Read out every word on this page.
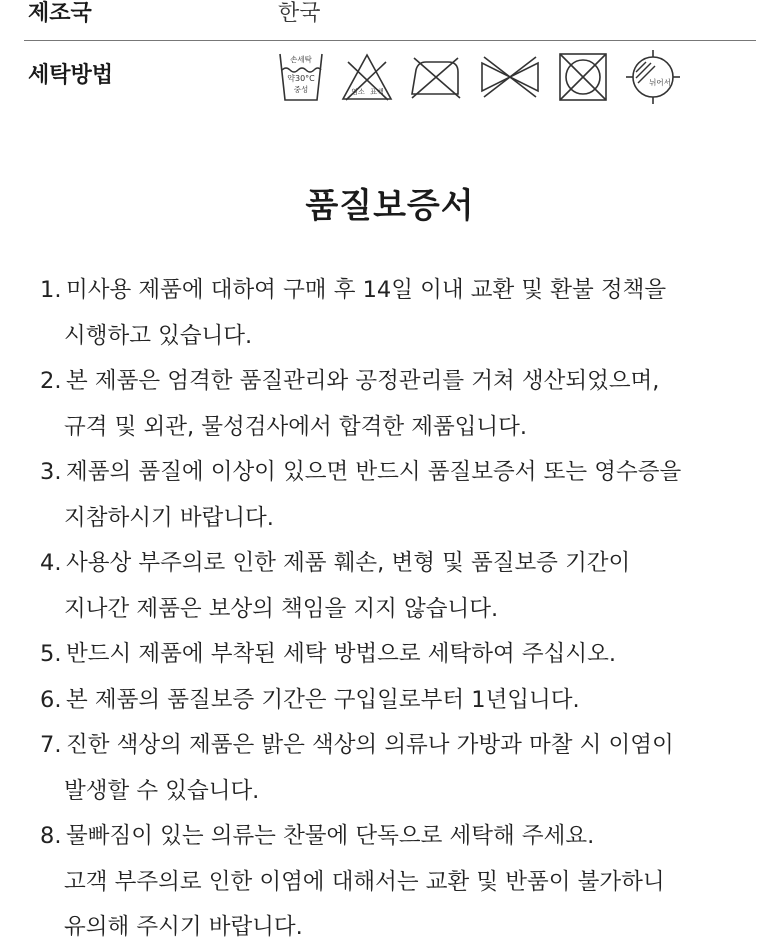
제조국	한국
세탁방법
손세탁
약30°C
중성	염소 표백
뉘어서
품질보증서
1. 미사용 제품에 대하여 구매 후 14일 이내 교환 및 환불 정책을
시행하고 있습니다.
2. 본 제품은 엄격한 품질관리와 공정관리를 거쳐 생산되었으며,
규격 및 외관, 물성검사에서 합격한 제품입니다.
3. 제품의 품질에 이상이 있으면 반드시 품질보증서 또는 영수증을
지참하시기 바랍니다.
4. 사용상 부주의로 인한 제품 훼손, 변형 및 품질보증 기간이
지나간 제품은 보상의 책임을 지지 않습니다.
5. 반드시 제품에 부착된 세탁 방법으로 세탁하여 주십시오.
6. 본 제품의 품질보증 기간은 구입일로부터 1년입니다.
7. 진한 색상의 제품은 밝은 색상의 의류나 가방과 마찰 시 이염이
발생할 수 있습니다.
8. 물빠짐이 있는 의류는 찬물에 단독으로 세탁해 주세요.
고객 부주의로 인한 이염에 대해서는 교환 및 반품이 불가하니
유의해 주시기 바랍니다.
